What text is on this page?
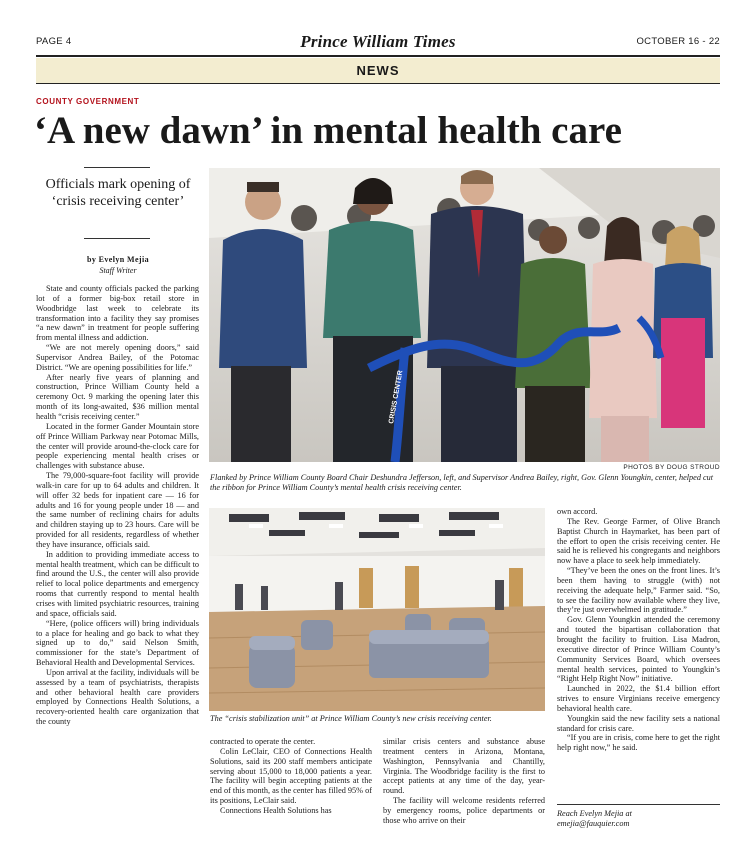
PAGE 4	Prince William Times	OCTOBER 16 - 22
NEWS
COUNTY GOVERNMENT
‘A new dawn’ in mental health care
Officials mark opening of ‘crisis receiving center’
by Evelyn Mejia
Staff Writer

State and county officials packed the parking lot of a former big-box retail store in Woodbridge last week to celebrate its transformation into a facility they say promises “a new dawn” in treatment for people suffering from mental illness and addiction.

“We are not merely opening doors,” said Supervisor Andrea Bailey, of the Potomac District. “We are opening possibilities for life.”

After nearly five years of planning and construction, Prince William County held a ceremony Oct. 9 marking the opening later this month of its long-awaited, $36 million mental health “crisis receiving center.”

Located in the former Gander Mountain store off Prince William Parkway near Potomac Mills, the center will provide around-the-clock care for people experiencing mental health crises or challenges with substance abuse.

The 79,000-square-foot facility will provide walk-in care for up to 64 adults and children. It will offer 32 beds for inpatient care — 16 for adults and 16 for young people under 18 — and the same number of reclining chairs for adults and children staying up to 23 hours. Care will be provided for all residents, regardless of whether they have insurance, officials said.

In addition to providing immediate access to mental health treatment, which can be difficult to find around the U.S., the center will also provide relief to local police departments and emergency rooms that currently respond to mental health crises with limited psychiatric resources, training and space, officials said.

“Here, (police officers will) bring individuals to a place for healing and go back to what they signed up to do,” said Nelson Smith, commissioner for the state’s Department of Behavioral Health and Developmental Services.

Upon arrival at the facility, individuals will be assessed by a team of psychiatrists, therapists and other behavioral health care providers employed by Connections Health Solutions, a recovery-oriented health care organization that the county

CRISIS CENTER
PHOTOS BY DOUG STROUD
Flanked by Prince William County Board Chair Deshundra Jefferson, left, and Supervisor Andrea Bailey, right, Gov. Glenn Youngkin, center, helped cut the ribbon for Prince William County’s mental health crisis receiving center.
The “crisis stabilization unit” at Prince William County’s new crisis receiving center.

contracted to operate the center.

Colin LeClair, CEO of Connections Health Solutions, said its 200 staff members anticipate serving about 15,000 to 18,000 patients a year. The facility will begin accepting patients at the end of this month, as the center has filled 95% of its positions, LeClair said.

Connections Health Solutions has

similar crisis centers and substance abuse treatment centers in Arizona, Montana, Washington, Pennsylvania and Chantilly, Virginia. The Woodbridge facility is the first to accept patients at any time of the day, year-round.

The facility will welcome residents referred by emergency rooms, police departments or those who arrive on their

own accord.

The Rev. George Farmer, of Olive Branch Baptist Church in Haymarket, has been part of the effort to open the crisis receiving center. He said he is relieved his congregants and neighbors now have a place to seek help immediately.

“They’ve been the ones on the front lines. It’s been them having to struggle (with) not receiving the adequate help,” Farmer said. “So, to see the facility now available where they live, they’re just overwhelmed in gratitude.”

Gov. Glenn Youngkin attended the ceremony and touted the bipartisan collaboration that brought the facility to fruition. Lisa Madron, executive director of Prince William County’s Community Services Board, which oversees mental health services, pointed to Youngkin’s “Right Help Right Now” initiative.

Launched in 2022, the $1.4 billion effort strives to ensure Virginians receive emergency behavioral health care.

Youngkin said the new facility sets a national standard for crisis care.

“If you are in crisis, come here to get the right help right now,” he said.

Reach Evelyn Mejia at
emejia@fauquier.com
